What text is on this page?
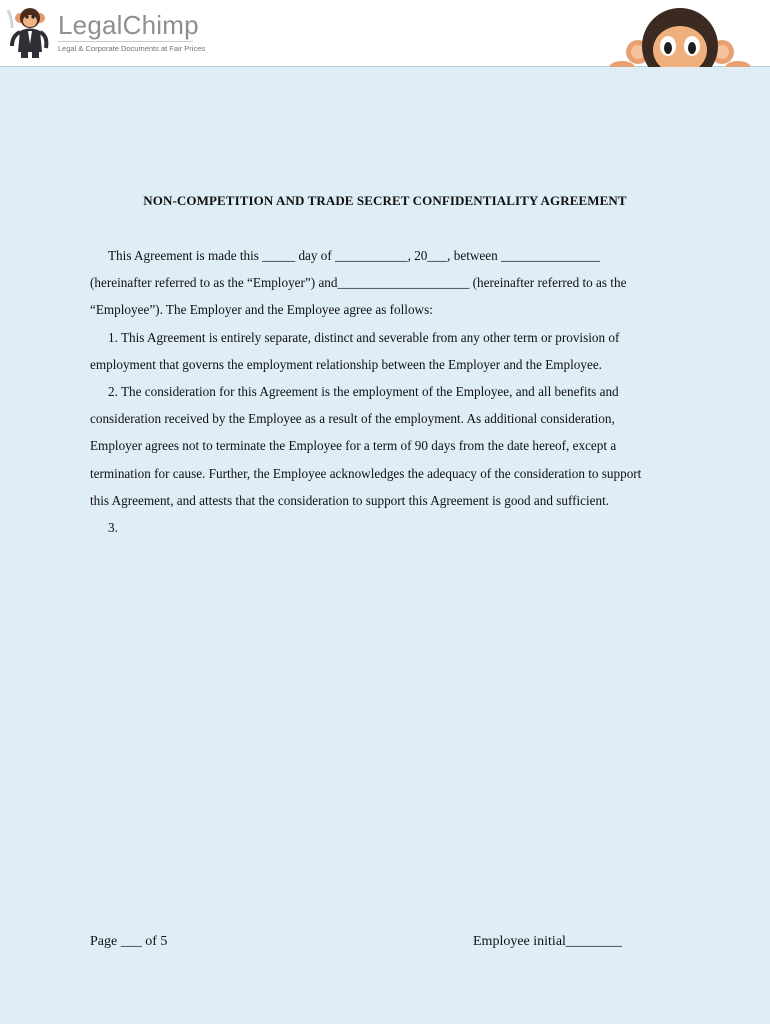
LegalChimp
Legal & Corporate Documents at Fair Prices
NON-COMPETITION AND TRADE SECRET CONFIDENTIALITY AGREEMENT

This Agreement is made this _____ day of ___________, 20___, between _______________

(hereinafter referred to as the “Employer”) and____________________ (hereinafter referred to as the

“Employee”). The Employer and the Employee agree as follows:

1. This Agreement is entirely separate, distinct and severable from any other term or provision of

employment that governs the employment relationship between the Employer and the Employee.

2. The consideration for this Agreement is the employment of the Employee, and all benefits and

consideration received by the Employee as a result of the employment. As additional consideration,

Employer agrees not to terminate the Employee for a term of 90 days from the date hereof, except a

termination for cause. Further, the Employee acknowledges the adequacy of the consideration to support

this Agreement, and attests that the consideration to support this Agreement is good and sufficient.

3.

Page ___ of 5	Employee initial________
